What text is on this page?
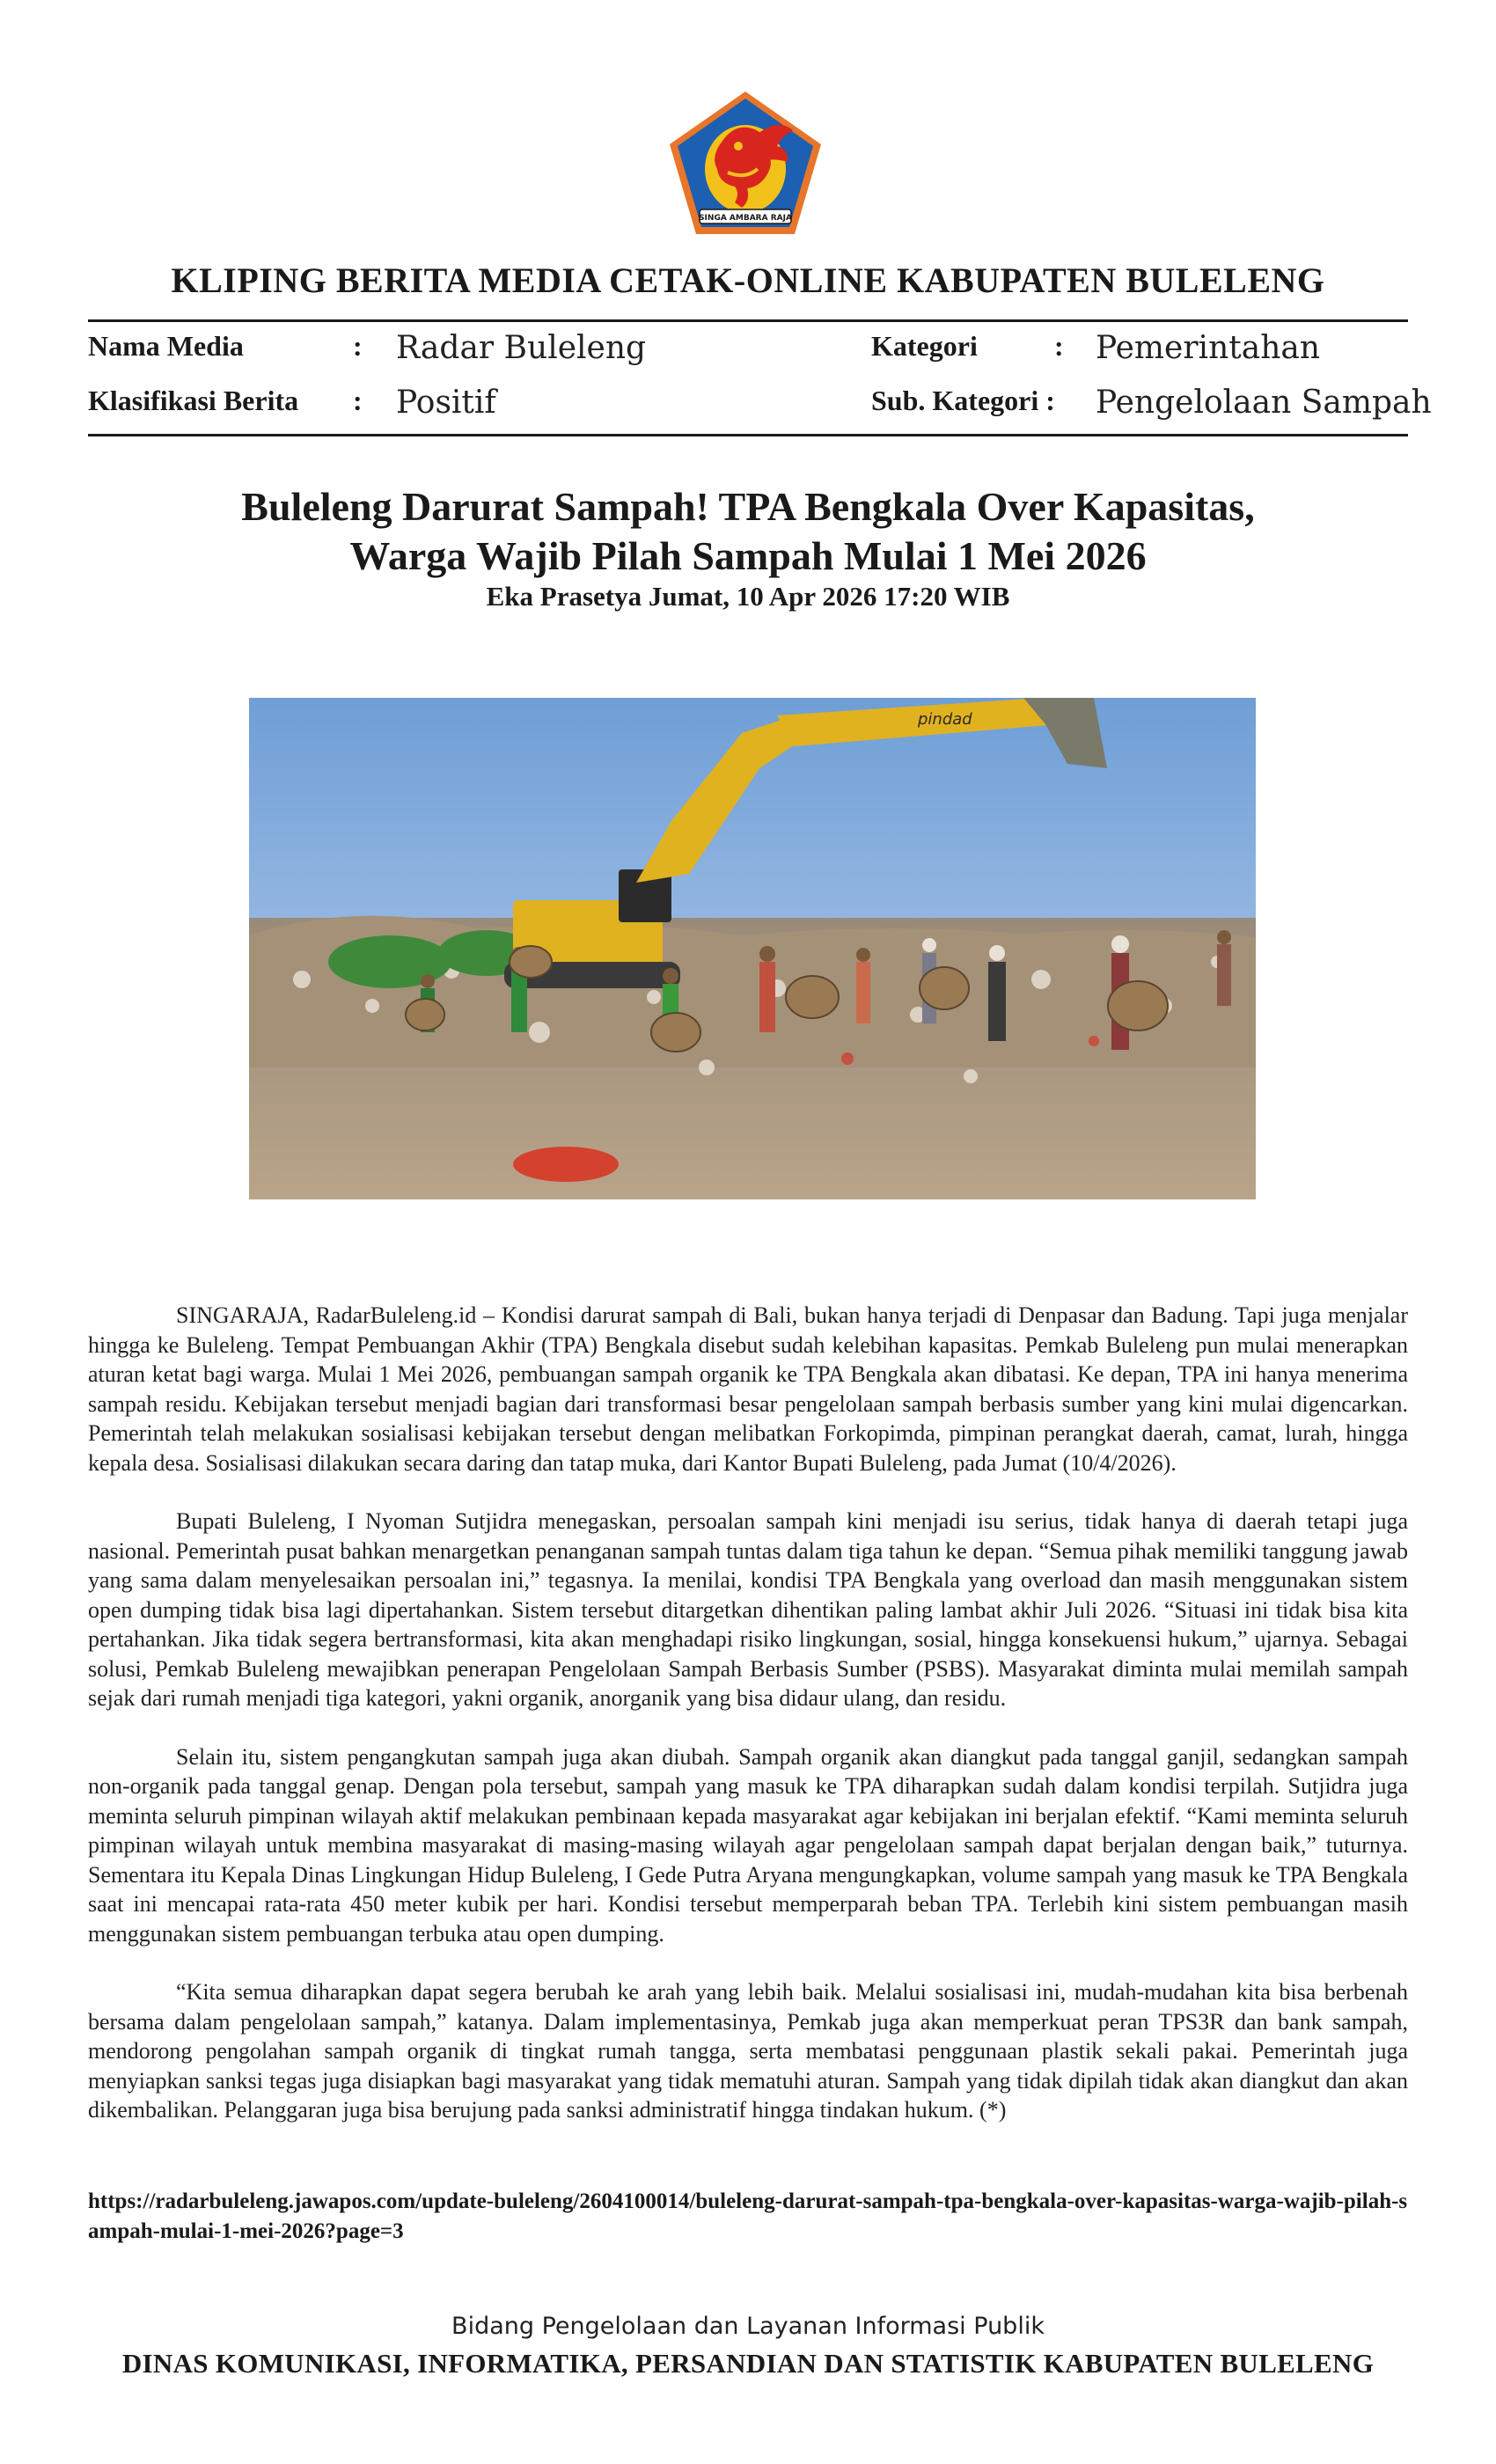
SINGA AMBARA RAJA
KLIPING BERITA MEDIA CETAK-ONLINE KABUPATEN BULELENG
Nama Media	: Radar Buleleng	Kategori	: Pemerintahan
Klasifikasi Berita : Positif	Sub. Kategori : Pengelolaan Sampah
Buleleng Darurat Sampah! TPA Bengkala Over Kapasitas,
Warga Wajib Pilah Sampah Mulai 1 Mei 2026
Eka Prasetya Jumat, 10 Apr 2026 17:20 WIB
pindad

SINGARAJA, RadarBuleleng.id – Kondisi darurat sampah di Bali, bukan hanya terjadi di Denpasar dan Badung. Tapi juga menjalar hingga ke Buleleng. Tempat Pembuangan Akhir (TPA) Bengkala disebut sudah kelebihan kapasitas. Pemkab Buleleng pun mulai menerapkan aturan ketat bagi warga. Mulai 1 Mei 2026, pembuangan sampah organik ke TPA Bengkala akan dibatasi. Ke depan, TPA ini hanya menerima sampah residu. Kebijakan tersebut menjadi bagian dari transformasi besar pengelolaan sampah berbasis sumber yang kini mulai digencarkan. Pemerintah telah melakukan sosialisasi kebijakan tersebut dengan melibatkan Forkopimda, pimpinan perangkat daerah, camat, lurah, hingga kepala desa. Sosialisasi dilakukan secara daring dan tatap muka, dari Kantor Bupati Buleleng, pada Jumat (10/4/2026).

Bupati Buleleng, I Nyoman Sutjidra menegaskan, persoalan sampah kini menjadi isu serius, tidak hanya di daerah tetapi juga nasional. Pemerintah pusat bahkan menargetkan penanganan sampah tuntas dalam tiga tahun ke depan. “Semua pihak memiliki tanggung jawab yang sama dalam menyelesaikan persoalan ini,” tegasnya. Ia menilai, kondisi TPA Bengkala yang overload dan masih menggunakan sistem open dumping tidak bisa lagi dipertahankan. Sistem tersebut ditargetkan dihentikan paling lambat akhir Juli 2026. “Situasi ini tidak bisa kita pertahankan. Jika tidak segera bertransformasi, kita akan menghadapi risiko lingkungan, sosial, hingga konsekuensi hukum,” ujarnya. Sebagai solusi, Pemkab Buleleng mewajibkan penerapan Pengelolaan Sampah Berbasis Sumber (PSBS). Masyarakat diminta mulai memilah sampah sejak dari rumah menjadi tiga kategori, yakni organik, anorganik yang bisa didaur ulang, dan residu.

Selain itu, sistem pengangkutan sampah juga akan diubah. Sampah organik akan diangkut pada tanggal ganjil, sedangkan sampah non-organik pada tanggal genap. Dengan pola tersebut, sampah yang masuk ke TPA diharapkan sudah dalam kondisi terpilah. Sutjidra juga meminta seluruh pimpinan wilayah aktif melakukan pembinaan kepada masyarakat agar kebijakan ini berjalan efektif. “Kami meminta seluruh pimpinan wilayah untuk membina masyarakat di masing-masing wilayah agar pengelolaan sampah dapat berjalan dengan baik,” tuturnya. Sementara itu Kepala Dinas Lingkungan Hidup Buleleng, I Gede Putra Aryana mengungkapkan, volume sampah yang masuk ke TPA Bengkala saat ini mencapai rata-rata 450 meter kubik per hari. Kondisi tersebut memperparah beban TPA. Terlebih kini sistem pembuangan masih menggunakan sistem pembuangan terbuka atau open dumping.

“Kita semua diharapkan dapat segera berubah ke arah yang lebih baik. Melalui sosialisasi ini, mudah-mudahan kita bisa berbenah bersama dalam pengelolaan sampah,” katanya. Dalam implementasinya, Pemkab juga akan memperkuat peran TPS3R dan bank sampah, mendorong pengolahan sampah organik di tingkat rumah tangga, serta membatasi penggunaan plastik sekali pakai. Pemerintah juga menyiapkan sanksi tegas juga disiapkan bagi masyarakat yang tidak mematuhi aturan. Sampah yang tidak dipilah tidak akan diangkut dan akan dikembalikan. Pelanggaran juga bisa berujung pada sanksi administratif hingga tindakan hukum. (*)

https://radarbuleleng.jawapos.com/update-buleleng/2604100014/buleleng-darurat-sampah-tpa-bengkala-over-kapasitas-warga-wajib-pilah-sampah-mulai-1-mei-2026?page=3
Bidang Pengelolaan dan Layanan Informasi Publik
DINAS KOMUNIKASI, INFORMATIKA, PERSANDIAN DAN STATISTIK KABUPATEN BULELENG
